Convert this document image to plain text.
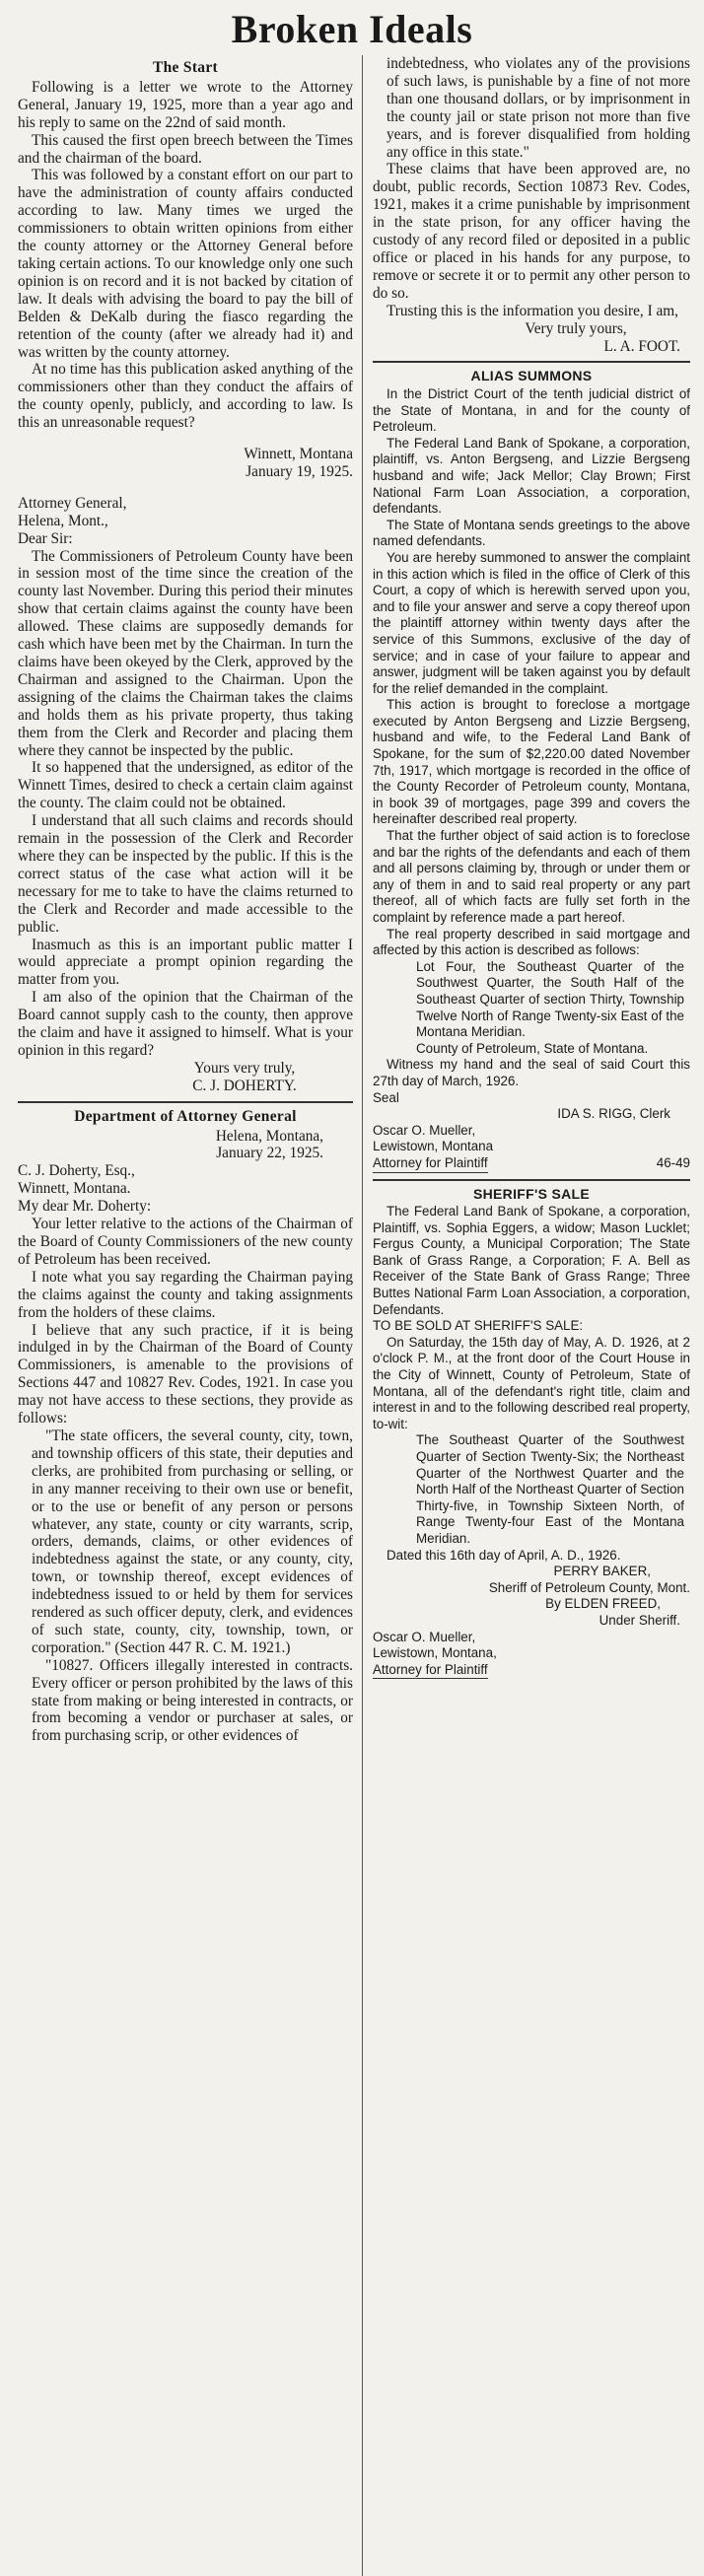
Broken Ideals
The Start

Following is a letter we wrote to the Attorney General, January 19, 1925, more than a year ago and his reply to same on the 22nd of said month.

This caused the first open breech between the Times and the chairman of the board.

This was followed by a constant effort on our part to have the administration of county affairs conducted according to law. Many times we urged the commissioners to obtain written opinions from either the county attorney or the Attorney General before taking certain actions. To our knowledge only one such opinion is on record and it is not backed by citation of law. It deals with advising the board to pay the bill of Belden & DeKalb during the fiasco regarding the retention of the county (after we already had it) and was written by the county attorney.

At no time has this publication asked anything of the commissioners other than they conduct the affairs of the county openly, publicly, and according to law. Is this an unreasonable request?

Winnett, Montana

January 19, 1925.

Attorney General,

Helena, Mont.,

Dear Sir:

The Commissioners of Petroleum County have been in session most of the time since the creation of the county last November. During this period their minutes show that certain claims against the county have been allowed. These claims are supposedly demands for cash which have been met by the Chairman. In turn the claims have been okeyed by the Clerk, approved by the Chairman and assigned to the Chairman. Upon the assigning of the claims the Chairman takes the claims and holds them as his private property, thus taking them from the Clerk and Recorder and placing them where they cannot be inspected by the public.

It so happened that the undersigned, as editor of the Winnett Times, desired to check a certain claim against the county. The claim could not be obtained.

I understand that all such claims and records should remain in the possession of the Clerk and Recorder where they can be inspected by the public. If this is the correct status of the case what action will it be necessary for me to take to have the claims returned to the Clerk and Recorder and made accessible to the public.

Inasmuch as this is an important public matter I would appreciate a prompt opinion regarding the matter from you.

I am also of the opinion that the Chairman of the Board cannot supply cash to the county, then approve the claim and have it assigned to himself. What is your opinion in this regard?

Yours very truly,

C. J. DOHERTY.

Department of Attorney General

Helena, Montana,

January 22, 1925.

C. J. Doherty, Esq.,

Winnett, Montana.

My dear Mr. Doherty:

Your letter relative to the actions of the Chairman of the Board of County Commissioners of the new county of Petroleum has been received.

I note what you say regarding the Chairman paying the claims against the county and taking assignments from the holders of these claims.

I believe that any such practice, if it is being indulged in by the Chairman of the Board of County Commissioners, is amenable to the provisions of Sections 447 and 10827 Rev. Codes, 1921. In case you may not have access to these sections, they provide as follows:

"The state officers, the several county, city, town, and township officers of this state, their deputies and clerks, are prohibited from purchasing or selling, or in any manner receiving to their own use or benefit, or to the use or benefit of any person or persons whatever, any state, county or city warrants, scrip, orders, demands, claims, or other evidences of indebtedness against the state, or any county, city, town, or township thereof, except evidences of indebtedness issued to or held by them for services rendered as such officer deputy, clerk, and evidences of such state, county, city, township, town, or corporation." (Section 447 R. C. M. 1921.)

"10827. Officers illegally interested in contracts. Every officer or person prohibited by the laws of this state from making or being interested in contracts, or from becoming a vendor or purchaser at sales, or from purchasing scrip, or other evidences of

indebtedness, who violates any of the provisions of such laws, is punishable by a fine of not more than one thousand dollars, or by imprisonment in the county jail or state prison not more than five years, and is forever disqualified from holding any office in this state."

These claims that have been approved are, no doubt, public records, Section 10873 Rev. Codes, 1921, makes it a crime punishable by imprisonment in the state prison, for any officer having the custody of any record filed or deposited in a public office or placed in his hands for any purpose, to remove or secrete it or to permit any other person to do so.

Trusting this is the information you desire, I am,

Very truly yours,

L. A. FOOT.

ALIAS SUMMONS

In the District Court of the tenth judicial district of the State of Montana, in and for the county of Petroleum.

The Federal Land Bank of Spokane, a corporation, plaintiff, vs. Anton Bergseng, and Lizzie Bergseng husband and wife; Jack Mellor; Clay Brown; First National Farm Loan Association, a corporation, defendants.

The State of Montana sends greetings to the above named defendants.

You are hereby summoned to answer the complaint in this action which is filed in the office of Clerk of this Court, a copy of which is herewith served upon you, and to file your answer and serve a copy thereof upon the plaintiff attorney within twenty days after the service of this Summons, exclusive of the day of service; and in case of your failure to appear and answer, judgment will be taken against you by default for the relief demanded in the complaint.

This action is brought to foreclose a mortgage executed by Anton Bergseng and Lizzie Bergseng, husband and wife, to the Federal Land Bank of Spokane, for the sum of $2,220.00 dated November 7th, 1917, which mortgage is recorded in the office of the County Recorder of Petroleum county, Montana, in book 39 of mortgages, page 399 and covers the hereinafter described real property.

That the further object of said action is to foreclose and bar the rights of the defendants and each of them and all persons claiming by, through or under them or any of them in and to said real property or any part thereof, all of which facts are fully set forth in the complaint by reference made a part hereof.

The real property described in said mortgage and affected by this action is described as follows:

Lot Four, the Southeast Quarter of the Southwest Quarter, the South Half of the Southeast Quarter of section Thirty, Township Twelve North of Range Twenty-six East of the Montana Meridian.

County of Petroleum, State of Montana.

Witness my hand and the seal of said Court this 27th day of March, 1926.

Seal

IDA S. RIGG, Clerk

Oscar O. Mueller,

Lewistown, Montana

Attorney for Plaintiff	46-49
SHERIFF'S SALE

The Federal Land Bank of Spokane, a corporation, Plaintiff, vs. Sophia Eggers, a widow; Mason Lucklet; Fergus County, a Municipal Corporation; The State Bank of Grass Range, a Corporation; F. A. Bell as Receiver of the State Bank of Grass Range; Three Buttes National Farm Loan Association, a corporation, Defendants.

TO BE SOLD AT SHERIFF'S SALE:

On Saturday, the 15th day of May, A. D. 1926, at 2 o'clock P. M., at the front door of the Court House in the City of Winnett, County of Petroleum, State of Montana, all of the defendant's right title, claim and interest in and to the following described real property, to-wit:

The Southeast Quarter of the Southwest Quarter of Section Twenty-Six; the Northeast Quarter of the Northwest Quarter and the North Half of the Northeast Quarter of Section Thirty-five, in Township Sixteen North, of Range Twenty-four East of the Montana Meridian.

Dated this 16th day of April, A. D., 1926.

PERRY BAKER,

Sheriff of Petroleum County, Mont.

By ELDEN FREED,

Under Sheriff.

Oscar O. Mueller,

Lewistown, Montana,

Attorney for Plaintiff
